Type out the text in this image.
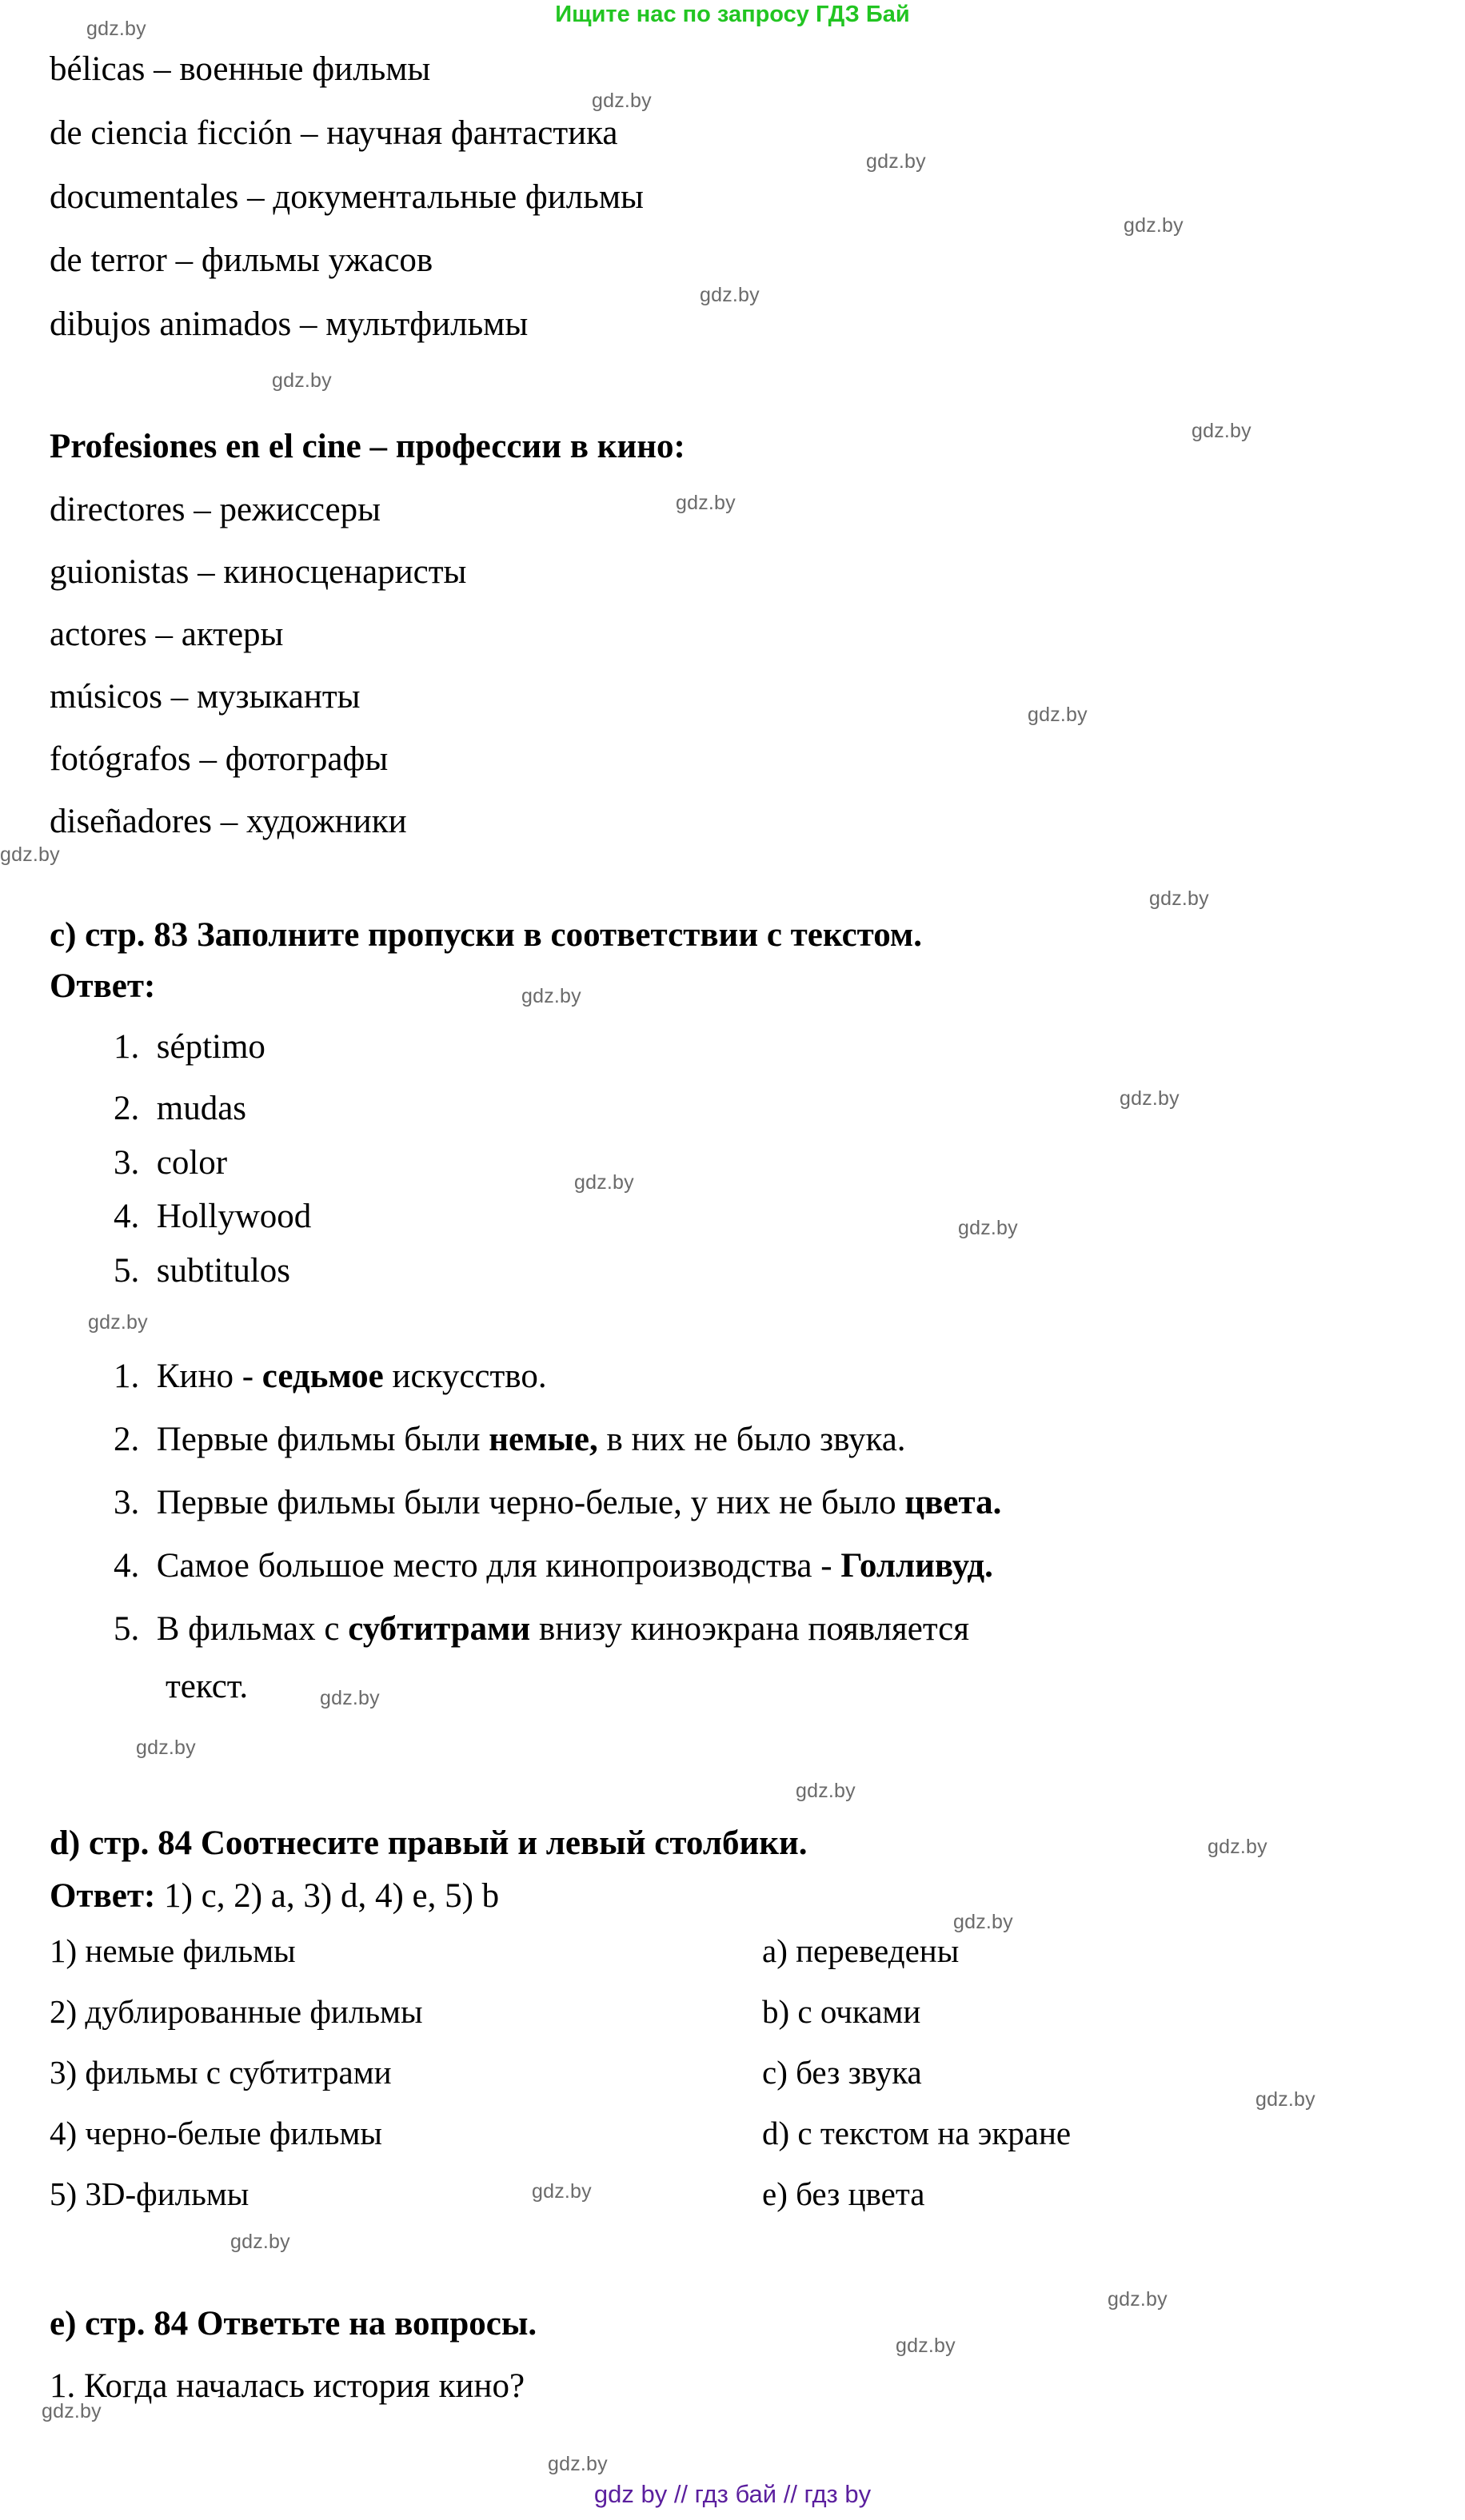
Ищите нас по запросу ГДЗ Бай
gdz.by
gdz.by
gdz.by
gdz.by
gdz.by
gdz.by
gdz.by
gdz.by
gdz.by
gdz.by
gdz.by
gdz.by
gdz.by
gdz.by
gdz.by
gdz.by
gdz.by
gdz.by
gdz.by
gdz.by
gdz.by
gdz.by
gdz.by
gdz.by
gdz.by
gdz.by
gdz.by
gdz.by
bélicas – военные фильмы
de ciencia ficción – научная фантастика
documentales – документальные фильмы
de terror – фильмы ужасов
dibujos animados – мультфильмы
Profesiones en el cine – профессии в кино:
directores – режиссеры
guionistas – киносценаристы
actores – актеры
músicos – музыканты
fotógrafos – фотографы
diseñadores – художники
c) стр. 83 Заполните пропуски в соответствии с текстом.
Ответ:
1. séptimo
2. mudas
3. color
4. Hollywood
5. subtitulos
1. Кино - седьмое искусство.
2. Первые фильмы были немые, в них не было звука.
3. Первые фильмы были черно-белые, у них не было цвета.
4. Самое большое место для кинопроизводства - Голливуд.
5. В фильмах с субтитрами внизу киноэкрана появляется
текст.
d) стр. 84 Соотнесите правый и левый столбики.
Ответ: 1) c, 2) a, 3) d, 4) e, 5) b
1) немые фильмы
2) дублированные фильмы
3) фильмы с субтитрами
4) черно-белые фильмы
5) 3D-фильмы
a) переведены
b) с очками
c) без звука
d) с текстом на экране
e) без цвета
e) стр. 84 Ответьте на вопросы.
1. Когда началась история кино?
gdz by // гдз бай // гдз by
